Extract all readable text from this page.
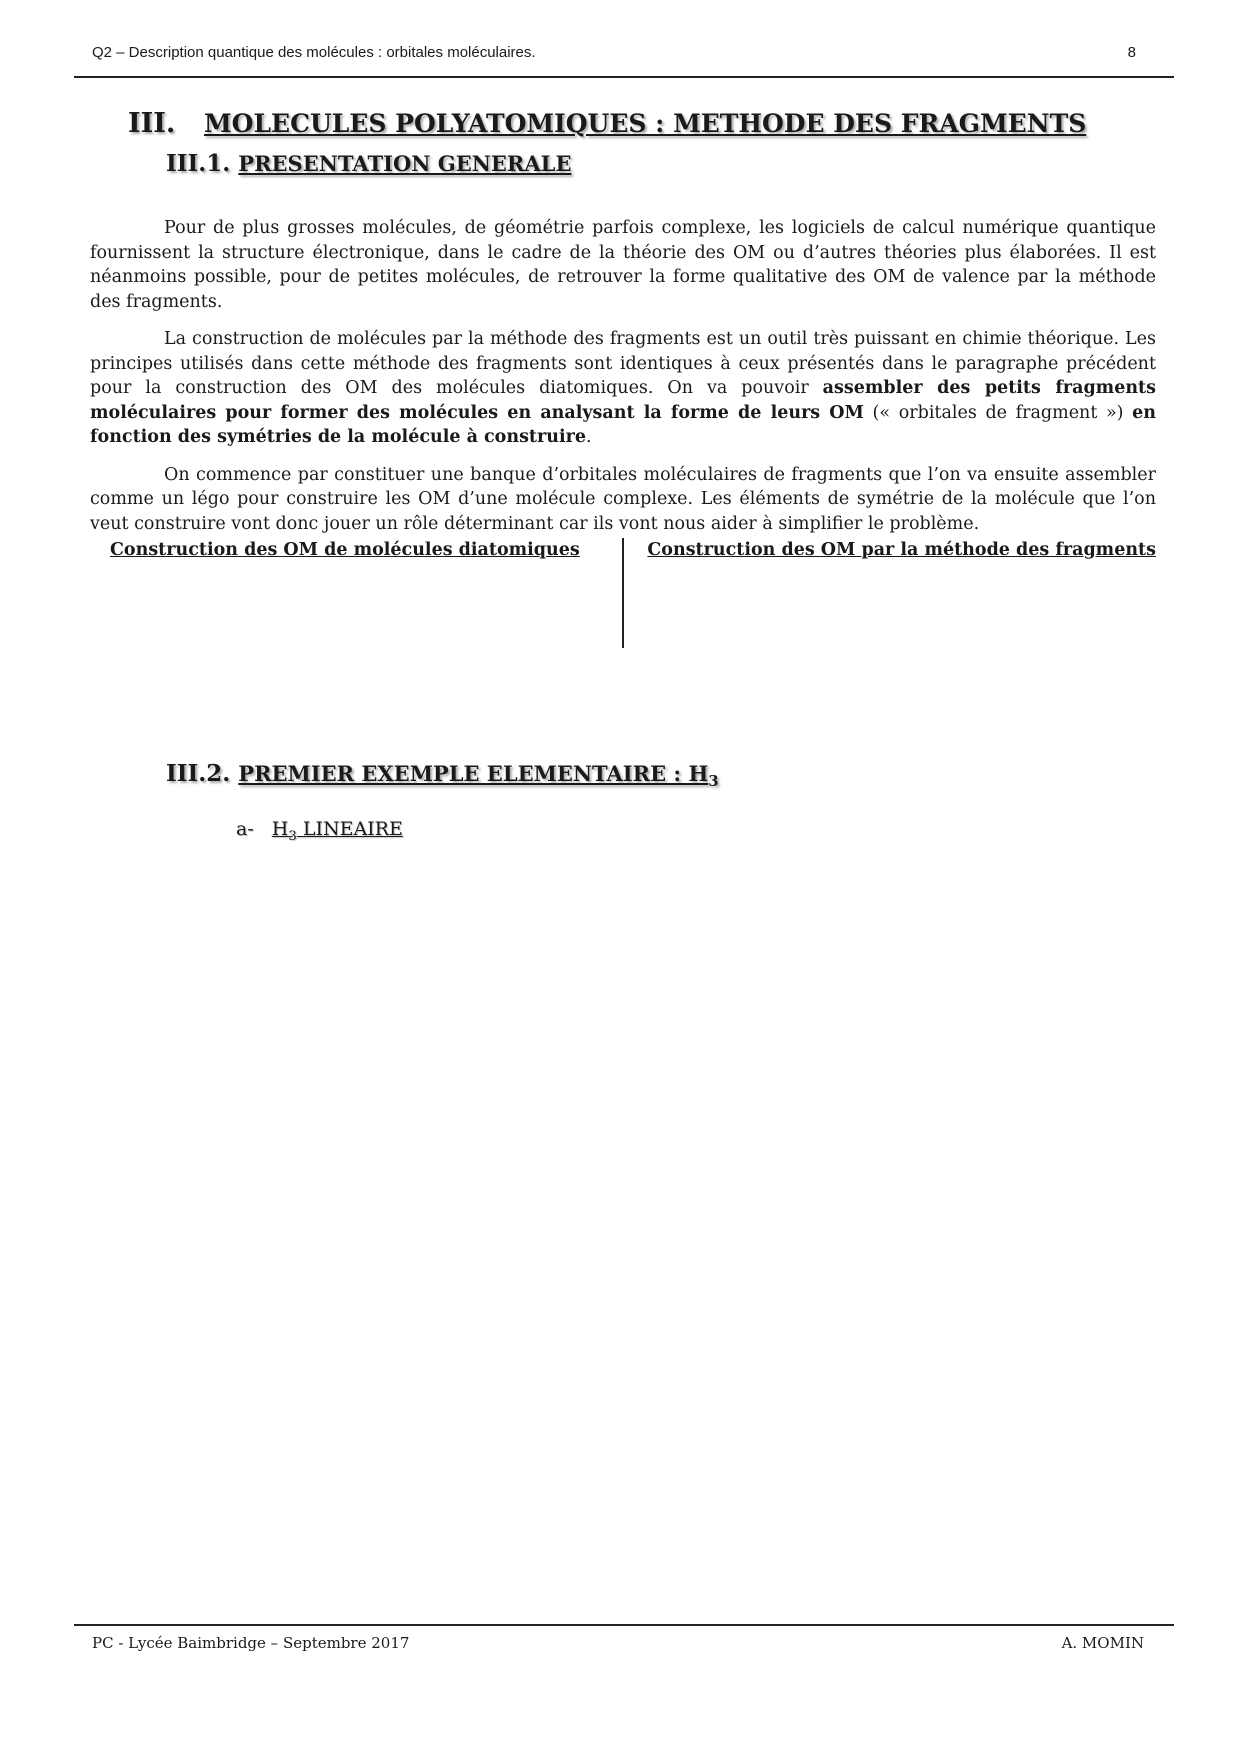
Q2 – Description quantique des molécules : orbitales moléculaires.	8
III. MOLECULES POLYATOMIQUES : METHODE DES FRAGMENTS
III.1. PRESENTATION GENERALE

Pour de plus grosses molécules, de géométrie parfois complexe, les logiciels de calcul numérique quantique fournissent la structure électronique, dans le cadre de la théorie des OM ou d’autres théories plus élaborées. Il est néanmoins possible, pour de petites molécules, de retrouver la forme qualitative des OM de valence par la méthode des fragments.

La construction de molécules par la méthode des fragments est un outil très puissant en chimie théorique. Les principes utilisés dans cette méthode des fragments sont identiques à ceux présentés dans le paragraphe précédent pour la construction des OM des molécules diatomiques. On va pouvoir assembler des petits fragments moléculaires pour former des molécules en analysant la forme de leurs OM (« orbitales de fragment ») en fonction des symétries de la molécule à construire.

On commence par constituer une banque d’orbitales moléculaires de fragments que l’on va ensuite assembler comme un légo pour construire les OM d’une molécule complexe. Les éléments de symétrie de la molécule que l’on veut construire vont donc jouer un rôle déterminant car ils vont nous aider à simplifier le problème.

Construction des OM de molécules diatomiques	Construction des OM par la méthode des fragments
III.2. PREMIER EXEMPLE ELEMENTAIRE : $H_3$
a- $H_3$ LINEAIRE
PC - Lycée Baimbridge – Septembre 2017	A. MOMIN
